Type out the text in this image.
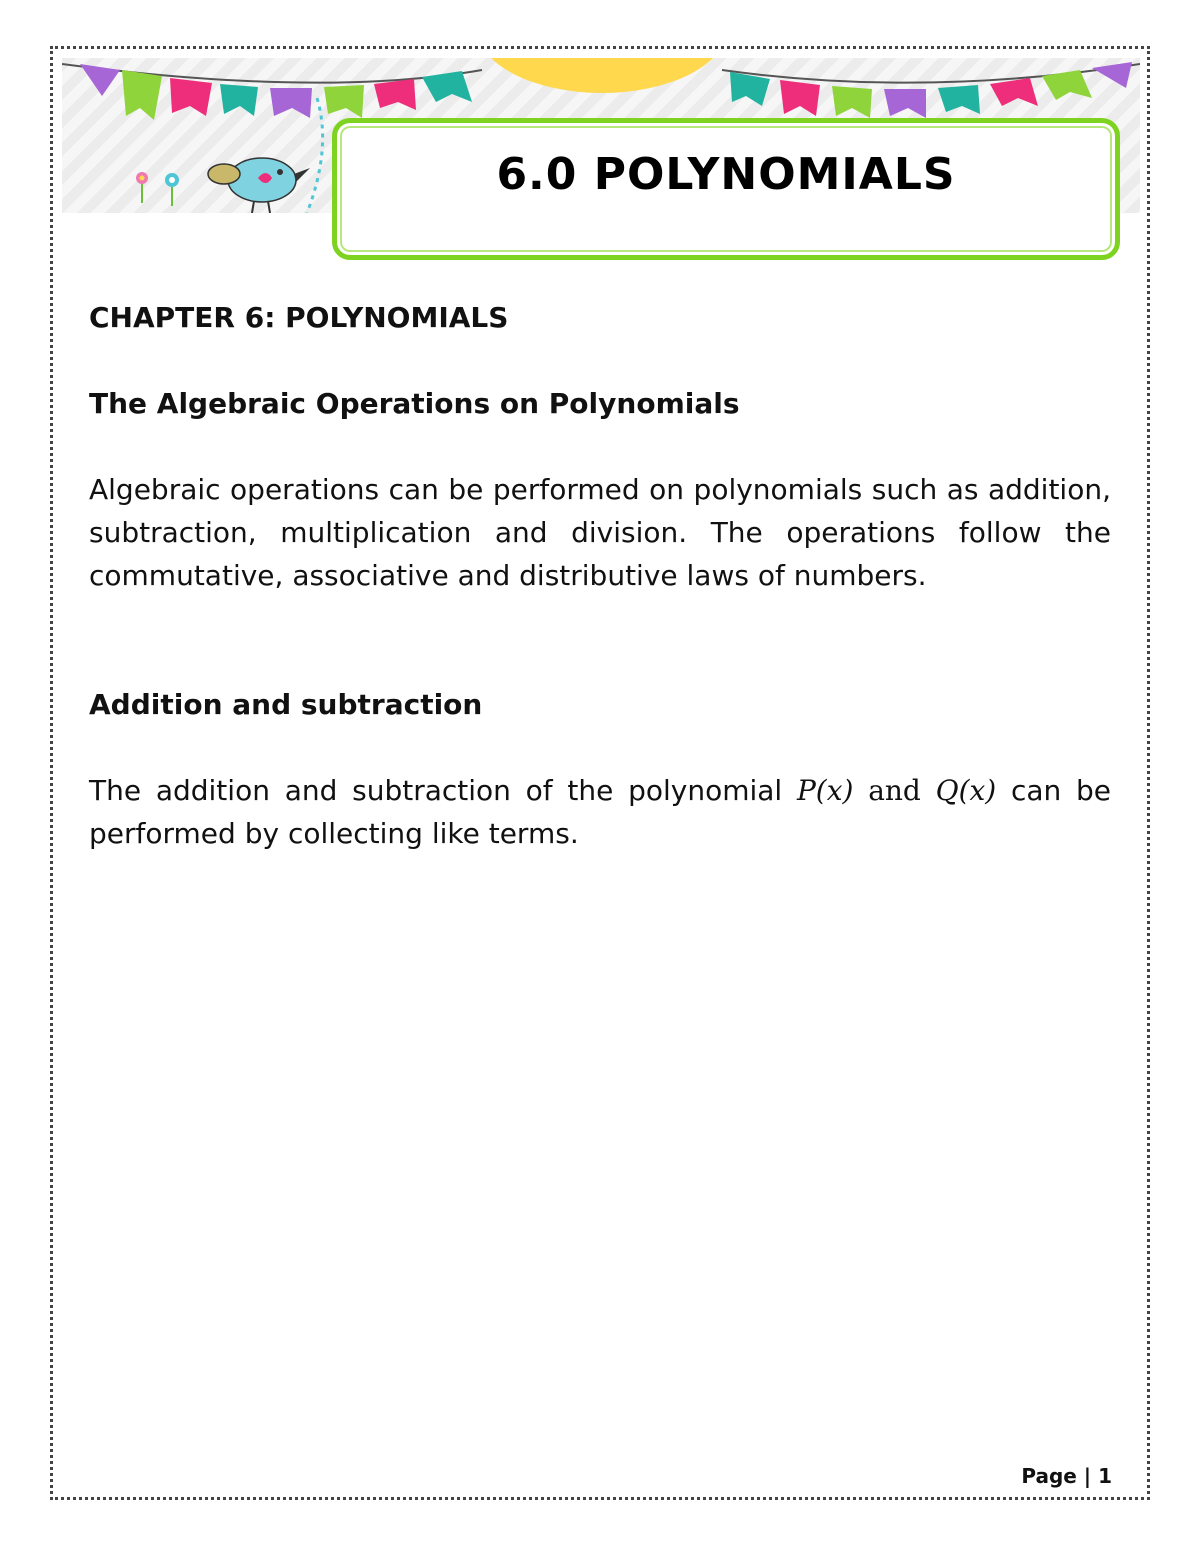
6.0 POLYNOMIALS

CHAPTER 6: POLYNOMIALS

The Algebraic Operations on Polynomials

Algebraic operations can be performed on polynomials such as addition, subtraction, multiplication and division. The operations follow the commutative, associative and distributive laws of numbers.

Addition and subtraction

The addition and subtraction of the polynomial P(x) and Q(x) can be performed by collecting like terms.

Page | 1
